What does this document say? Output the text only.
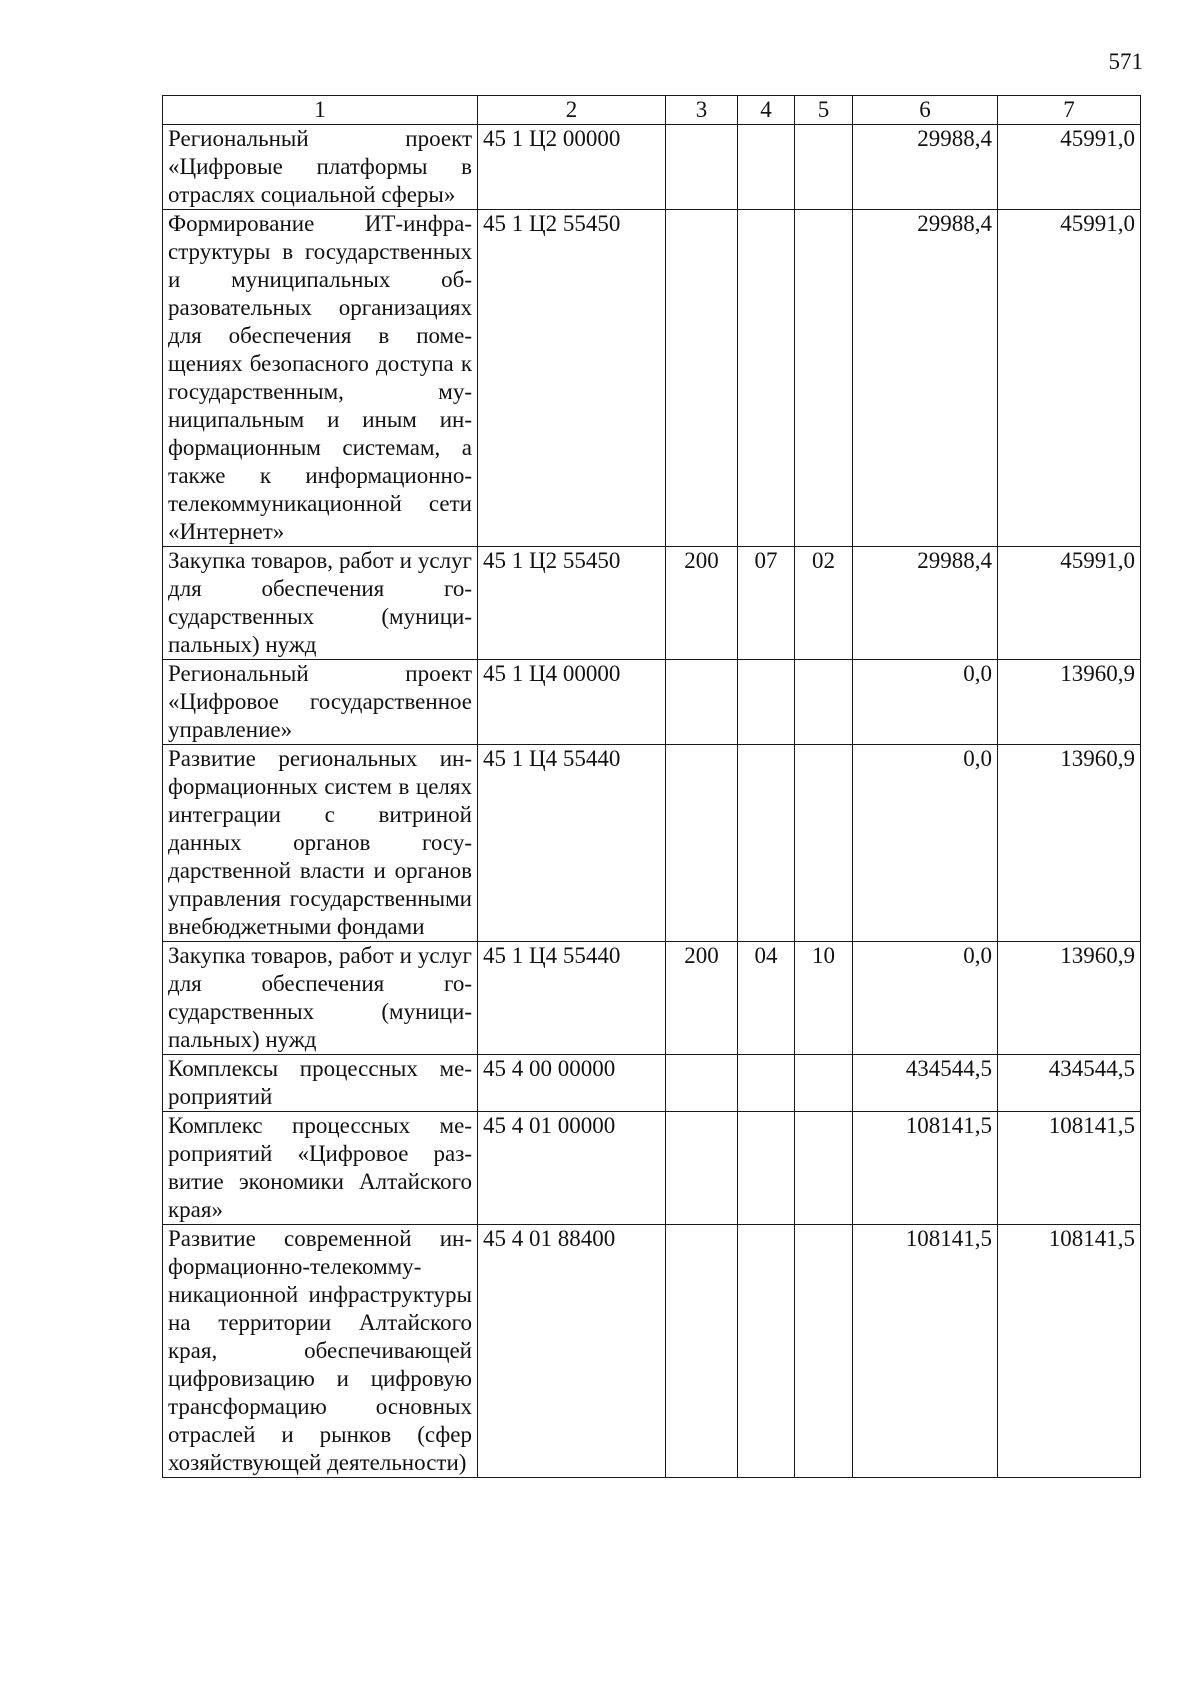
571
1	2	3	4	5	6	7
Региональный проект «Цифровые платформы в отраслях социальной сферы»	45 1 Ц2 00000				29988,4	45991,0
Формирование ИТ-инфраструктуры в государственных и муниципальных образовательных организациях для обеспечения в помещениях безопасного доступа к государственным, муниципальным и иным информационным системам, а также к информационно-телекоммуникационной сети «Интернет»	45 1 Ц2 55450				29988,4	45991,0
Закупка товаров, работ и услуг для обеспечения государственных (муниципальных) нужд	45 1 Ц2 55450	200	07	02	29988,4	45991,0
Региональный проект «Цифровое государственное управление»	45 1 Ц4 00000				0,0	13960,9
Развитие региональных информационных систем в целях интеграции с витриной данных органов государственной власти и органов управления государственными внебюджетными фондами	45 1 Ц4 55440				0,0	13960,9
Закупка товаров, работ и услуг для обеспечения государственных (муниципальных) нужд	45 1 Ц4 55440	200	04	10	0,0	13960,9
Комплексы процессных мероприятий	45 4 00 00000				434544,5	434544,5
Комплекс процессных мероприятий «Цифровое развитие экономики Алтайского края»	45 4 01 00000				108141,5	108141,5
Развитие современной информационно-телекоммуникационной инфраструктуры на территории Алтайского края, обеспечивающей цифровизацию и цифровую трансформацию основных отраслей и рынков (сфер хозяйствующей деятельности)	45 4 01 88400				108141,5	108141,5
